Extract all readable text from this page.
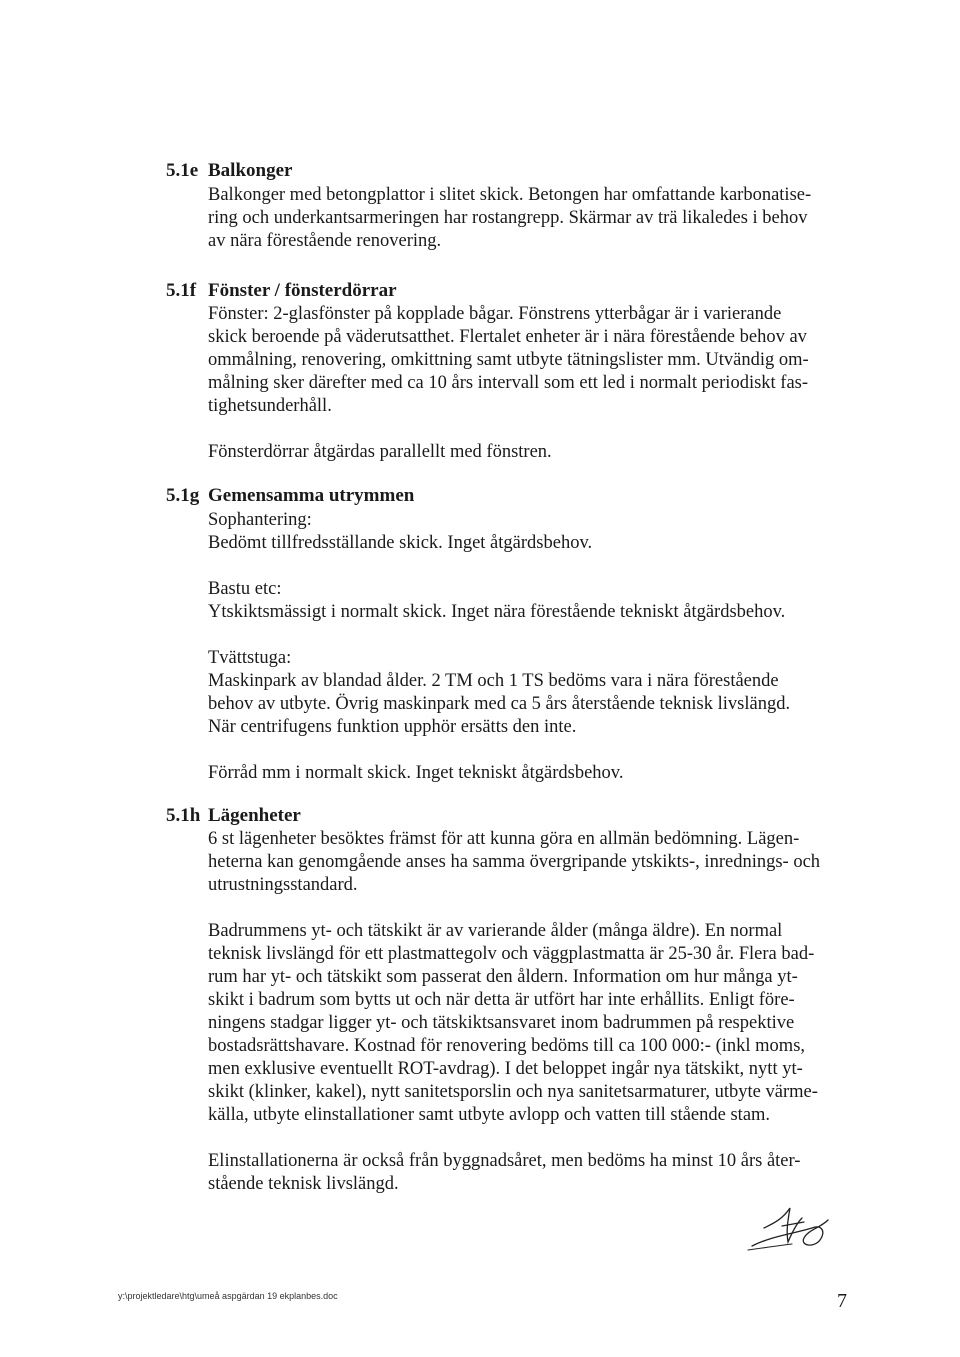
5.1e Balkonger

Balkonger med betongplattor i slitet skick. Betongen har omfattande karbonatise-

ring och underkantsarmeringen har rostangrepp. Skärmar av trä likaledes i behov

av nära förestående renovering.

5.1f Fönster / fönsterdörrar

Fönster: 2-glasfönster på kopplade bågar. Fönstrens ytterbågar är i varierande

skick beroende på väderutsatthet. Flertalet enheter är i nära förestående behov av

ommålning, renovering, omkittning samt utbyte tätningslister mm. Utvändig om-

målning sker därefter med ca 10 års intervall som ett led i normalt periodiskt fas-

tighetsunderhåll.

Fönsterdörrar åtgärdas parallellt med fönstren.

5.1g Gemensamma utrymmen

Sophantering:

Bedömt tillfredsställande skick. Inget åtgärdsbehov.

Bastu etc:

Ytskiktsmässigt i normalt skick. Inget nära förestående tekniskt åtgärdsbehov.

Tvättstuga:

Maskinpark av blandad ålder. 2 TM och 1 TS bedöms vara i nära förestående

behov av utbyte. Övrig maskinpark med ca 5 års återstående teknisk livslängd.

När centrifugens funktion upphör ersätts den inte.

Förråd mm i normalt skick. Inget tekniskt åtgärdsbehov.

5.1h Lägenheter

6 st lägenheter besöktes främst för att kunna göra en allmän bedömning. Lägen-

heterna kan genomgående anses ha samma övergripande ytskikts-, inrednings- och

utrustningsstandard.

Badrummens yt- och tätskikt är av varierande ålder (många äldre). En normal

teknisk livslängd för ett plastmattegolv och väggplastmatta är 25-30 år. Flera bad-

rum har yt- och tätskikt som passerat den åldern. Information om hur många yt-

skikt i badrum som bytts ut och när detta är utfört har inte erhållits. Enligt före-

ningens stadgar ligger yt- och tätskiktsansvaret inom badrummen på respektive

bostadsrättshavare. Kostnad för renovering bedöms till ca 100 000:- (inkl moms,

men exklusive eventuellt ROT-avdrag). I det beloppet ingår nya tätskikt, nytt yt-

skikt (klinker, kakel), nytt sanitetsporslin och nya sanitetsarmaturer, utbyte värme-

källa, utbyte elinstallationer samt utbyte avlopp och vatten till stående stam.

Elinstallationerna är också från byggnadsåret, men bedöms ha minst 10 års åter-

stående teknisk livslängd.

y:\projektledare\htg\umeå aspgärdan 19 ekplanbes.doc	7
